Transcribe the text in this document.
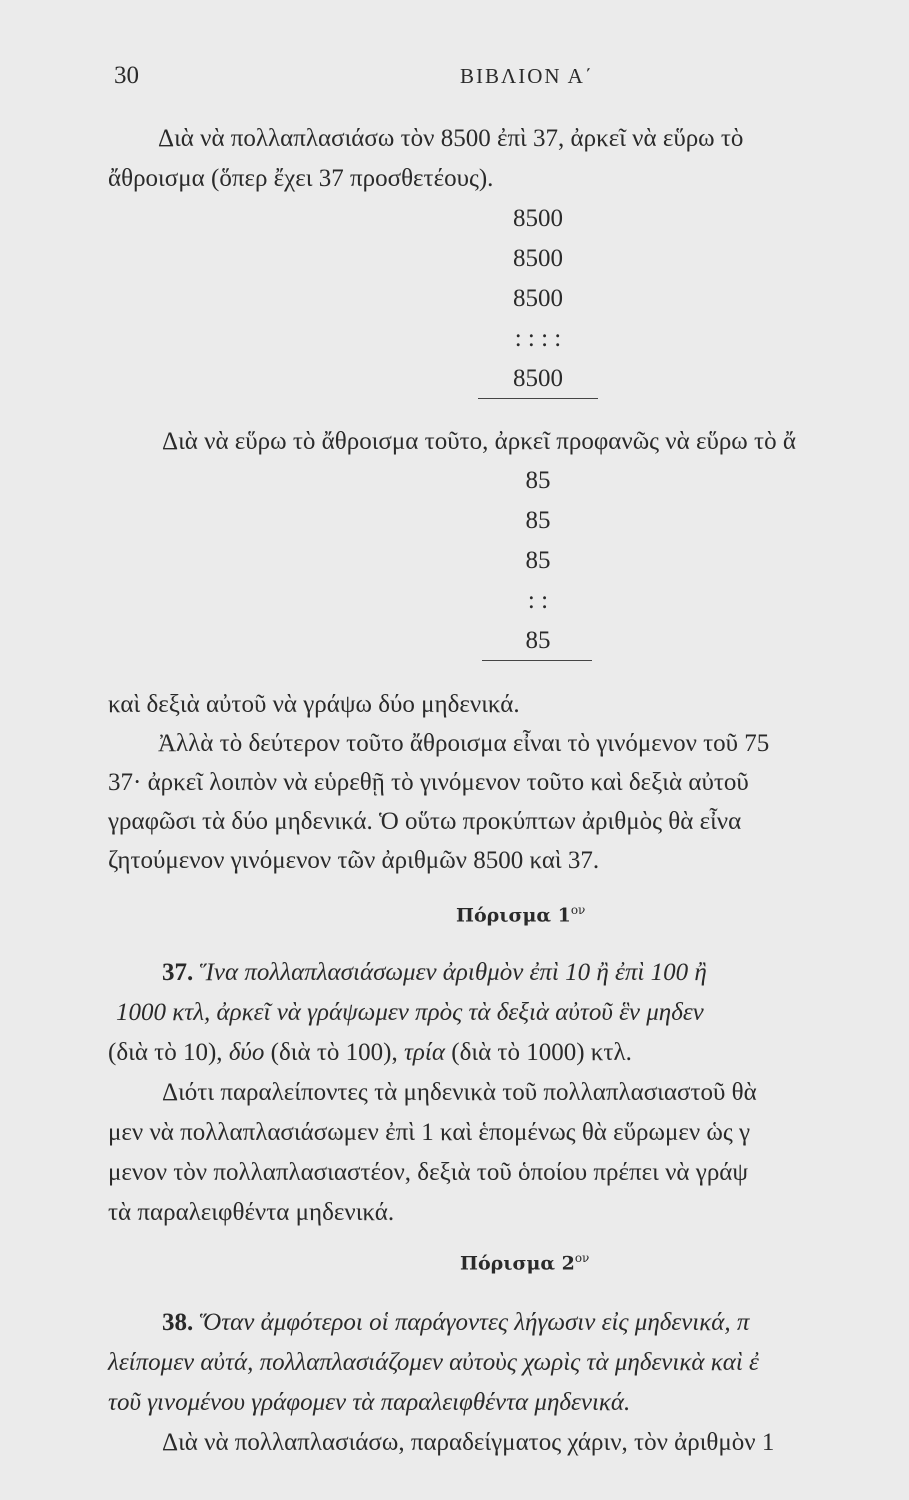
30	ΒΙΒΛΙΟΝ Α΄
Διὰ νὰ πολλαπλασιάσω τὸν 8500 ἐπὶ 37, ἀρκεῖ νὰ εὕρω τὸ
ἄθροισμα (ὅπερ ἔχει 37 προσθετέους).
8500
8500
8500
: : : :
8500
Διὰ νὰ εὕρω τὸ ἄθροισμα τοῦτο, ἀρκεῖ προφανῶς νὰ εὕρω τὸ ἄ
85
85
85
: :
85
καὶ δεξιὰ αὐτοῦ νὰ γράψω δύο μηδενικά.
Ἀλλὰ τὸ δεύτερον τοῦτο ἄθροισμα εἶναι τὸ γινόμενον τοῦ 75
37· ἀρκεῖ λοιπὸν νὰ εὑρεθῇ τὸ γινόμενον τοῦτο καὶ δεξιὰ αὐτοῦ
γραφῶσι τὰ δύο μηδενικά. Ὁ οὕτω προκύπτων ἀριθμὸς θὰ εἶνα
ζητούμενον γινόμενον τῶν ἀριθμῶν 8500 καὶ 37.
Πόρισμα $1^{o\nu}$
37. Ἵνα πολλαπλασιάσωμεν ἀριθμὸν ἐπὶ 10 ἢ ἐπὶ 100 ἢ
1000 κτλ, ἀρκεῖ νὰ γράψωμεν πρὸς τὰ δεξιὰ αὐτοῦ ἓν μηδεν
(διὰ τὸ 10), δύο (διὰ τὸ 100), τρία (διὰ τὸ 1000) κτλ.
Διότι παραλείποντες τὰ μηδενικὰ τοῦ πολλαπλασιαστοῦ θὰ
μεν νὰ πολλαπλασιάσωμεν ἐπὶ 1 καὶ ἑπομένως θὰ εὕρωμεν ὡς γ
μενον τὸν πολλαπλασιαστέον, δεξιὰ τοῦ ὁποίου πρέπει νὰ γράψ
τὰ παραλειφθέντα μηδενικά.
Πόρισμα $2^{o\nu}$
38. Ὅταν ἀμφότεροι οἱ παράγοντες λήγωσιν εἰς μηδενικά, π
λείπομεν αὐτά, πολλαπλασιάζομεν αὐτοὺς χωρὶς τὰ μηδενικὰ καὶ ἐ
τοῦ γινομένου γράφομεν τὰ παραλειφθέντα μηδενικά.
Διὰ νὰ πολλαπλασιάσω, παραδείγματος χάριν, τὸν ἀριθμὸν 1
